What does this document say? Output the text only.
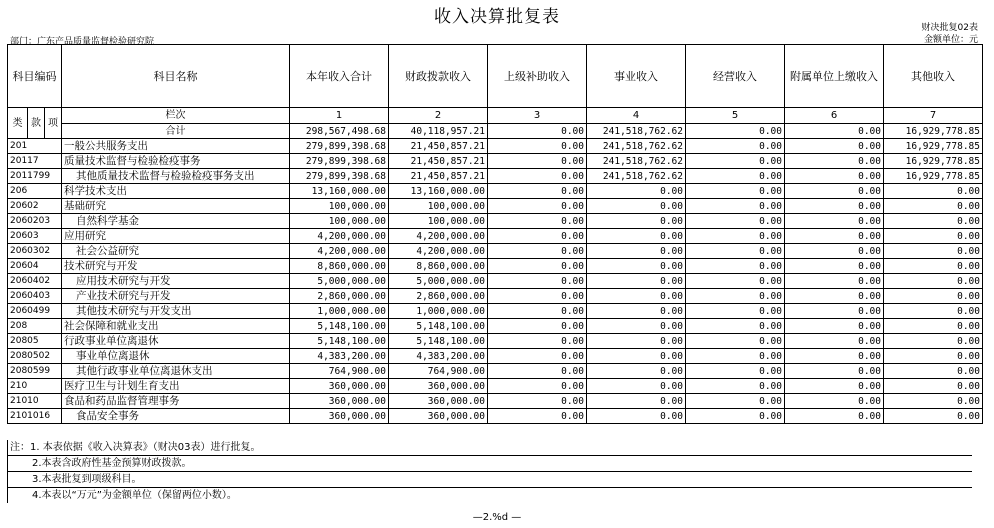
收入决算批复表
财决批复02表
金额单位：元
部门：广东产品质量监督检验研究院
科目编码			科目名称	本年收入合计	财政拨款收入	上级补助收入	事业收入	经营收入	附属单位上缴收入	其他收入
类	款	项	栏次	1	2	3	4	5	6	7
			合计	298,567,498.68	40,118,957.21	0.00	241,518,762.62	0.00	0.00	16,929,778.85
201			一般公共服务支出	279,899,398.68	21,450,857.21	0.00	241,518,762.62	0.00	0.00	16,929,778.85
20117			质量技术监督与检验检疫事务	279,899,398.68	21,450,857.21	0.00	241,518,762.62	0.00	0.00	16,929,778.85
2011799			其他质量技术监督与检验检疫事务支出	279,899,398.68	21,450,857.21	0.00	241,518,762.62	0.00	0.00	16,929,778.85
206			科学技术支出	13,160,000.00	13,160,000.00	0.00	0.00	0.00	0.00	0.00
20602			基础研究	100,000.00	100,000.00	0.00	0.00	0.00	0.00	0.00
2060203			自然科学基金	100,000.00	100,000.00	0.00	0.00	0.00	0.00	0.00
20603			应用研究	4,200,000.00	4,200,000.00	0.00	0.00	0.00	0.00	0.00
2060302			社会公益研究	4,200,000.00	4,200,000.00	0.00	0.00	0.00	0.00	0.00
20604			技术研究与开发	8,860,000.00	8,860,000.00	0.00	0.00	0.00	0.00	0.00
2060402			应用技术研究与开发	5,000,000.00	5,000,000.00	0.00	0.00	0.00	0.00	0.00
2060403			产业技术研究与开发	2,860,000.00	2,860,000.00	0.00	0.00	0.00	0.00	0.00
2060499			其他技术研究与开发支出	1,000,000.00	1,000,000.00	0.00	0.00	0.00	0.00	0.00
208			社会保障和就业支出	5,148,100.00	5,148,100.00	0.00	0.00	0.00	0.00	0.00
20805			行政事业单位离退休	5,148,100.00	5,148,100.00	0.00	0.00	0.00	0.00	0.00
2080502			事业单位离退休	4,383,200.00	4,383,200.00	0.00	0.00	0.00	0.00	0.00
2080599			其他行政事业单位离退休支出	764,900.00	764,900.00	0.00	0.00	0.00	0.00	0.00
210			医疗卫生与计划生育支出	360,000.00	360,000.00	0.00	0.00	0.00	0.00	0.00
21010			食品和药品监督管理事务	360,000.00	360,000.00	0.00	0.00	0.00	0.00	0.00
2101016			食品安全事务	360,000.00	360,000.00	0.00	0.00	0.00	0.00	0.00
注：1. 本表依据《收入决算表》（财决03表）进行批复。
2.本表含政府性基金预算财政拨款。
3.本表批复到项级科目。
4.本表以“万元”为金额单位（保留两位小数）。
—2.%d —
